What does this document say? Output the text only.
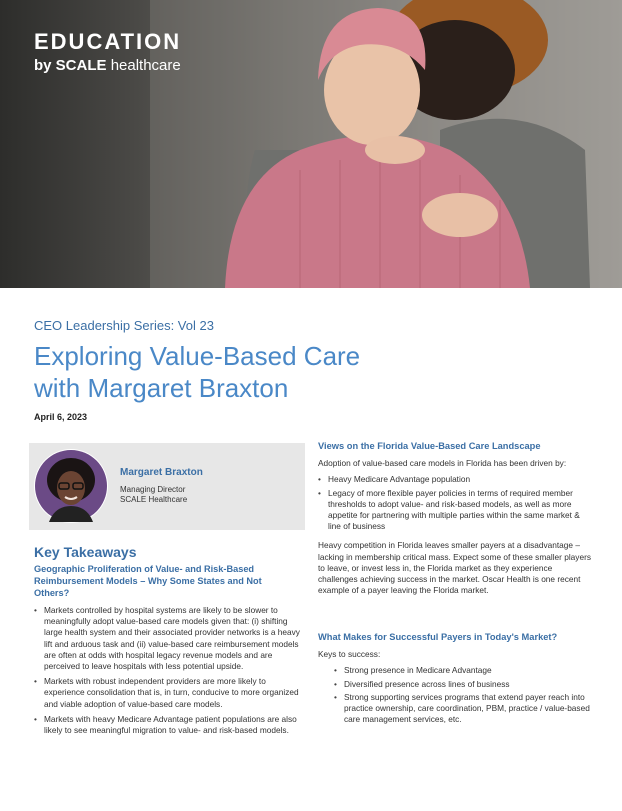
EDUCATION
by SCALE healthcare
CEO Leadership Series: Vol 23
Exploring Value-Based Care
with Margaret Braxton
April 6, 2023
Margaret Braxton
Managing Director
SCALE Healthcare
Key Takeaways
Geographic Proliferation of Value- and Risk-Based Reimbursement Models – Why Some States and Not Others?
• Markets controlled by hospital systems are likely to be slower to meaningfully adopt value-based care models given that: (i) shifting large health system and their associated provider networks is a heavy lift and arduous task and (ii) value-based care reimbursement models are often at odds with hospital legacy revenue models and are perceived to leave hospitals with less potential upside.
• Markets with robust independent providers are more likely to experience consolidation that is, in turn, conducive to more organized and viable adoption of value-based care models.
• Markets with heavy Medicare Advantage patient populations are also likely to see meaningful migration to value- and risk-based models.
Views on the Florida Value-Based Care Landscape
Adoption of value-based care models in Florida has been driven by:
• Heavy Medicare Advantage population
• Legacy of more flexible payer policies in terms of required member thresholds to adopt value- and risk-based models, as well as more appetite for partnering with multiple parties within the same market & line of business
Heavy competition in Florida leaves smaller payers at a disadvantage – lacking in membership critical mass. Expect some of these smaller players to leave, or invest less in, the Florida market as they experience challenges achieving success in the market. Oscar Health is one recent example of a payer leaving the Florida market.
What Makes for Successful Payers in Today's Market?
Keys to success:
• Strong presence in Medicare Advantage
• Diversified presence across lines of business
• Strong supporting services programs that extend payer reach into practice ownership, care coordination, PBM, practice / value-based care management services, etc.
